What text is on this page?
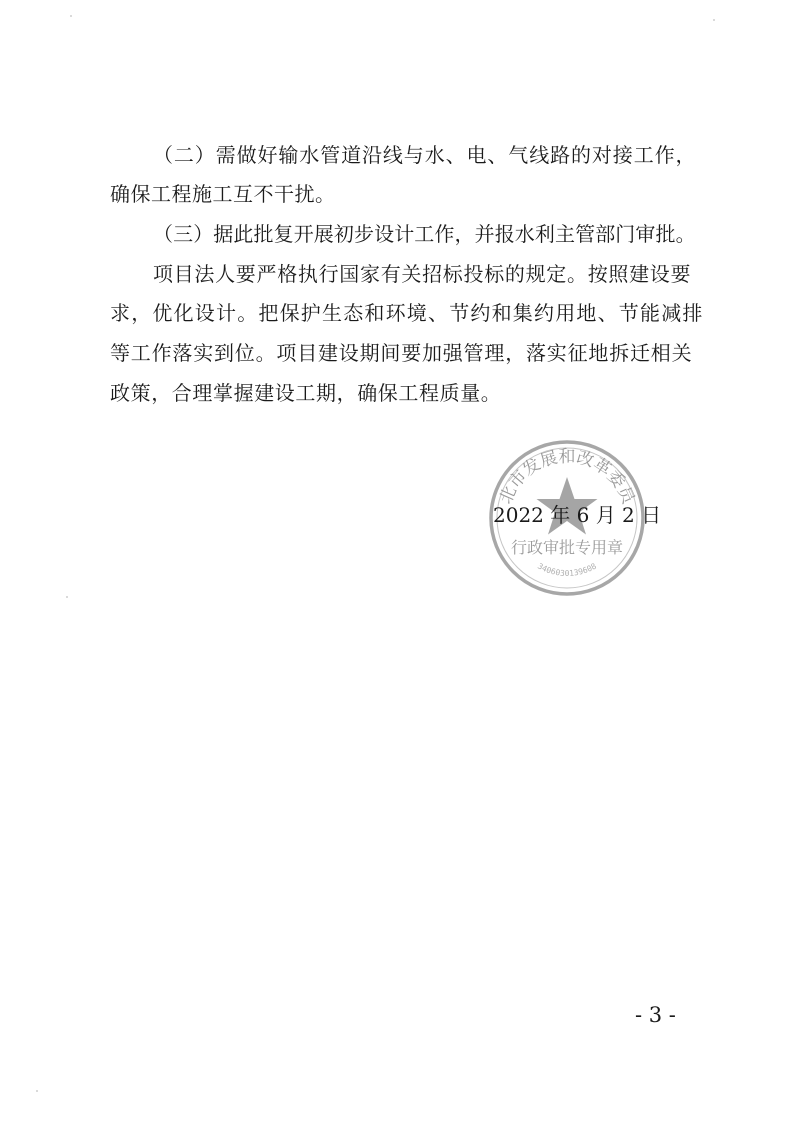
（二）需做好输水管道沿线与水、电、气线路的对接工作，
确保工程施工互不干扰。
（三）据此批复开展初步设计工作，并报水利主管部门审批。
项目法人要严格执行国家有关招标投标的规定。按照建设要
求，优化设计。把保护生态和环境、节约和集约用地、节能减排
等工作落实到位。项目建设期间要加强管理，落实征地拆迁相关
政策，合理掌握建设工期，确保工程质量。
北市发展和改革委员
行政审批专用章
3406030139608
2022 年 6 月 2 日
- 3 -
